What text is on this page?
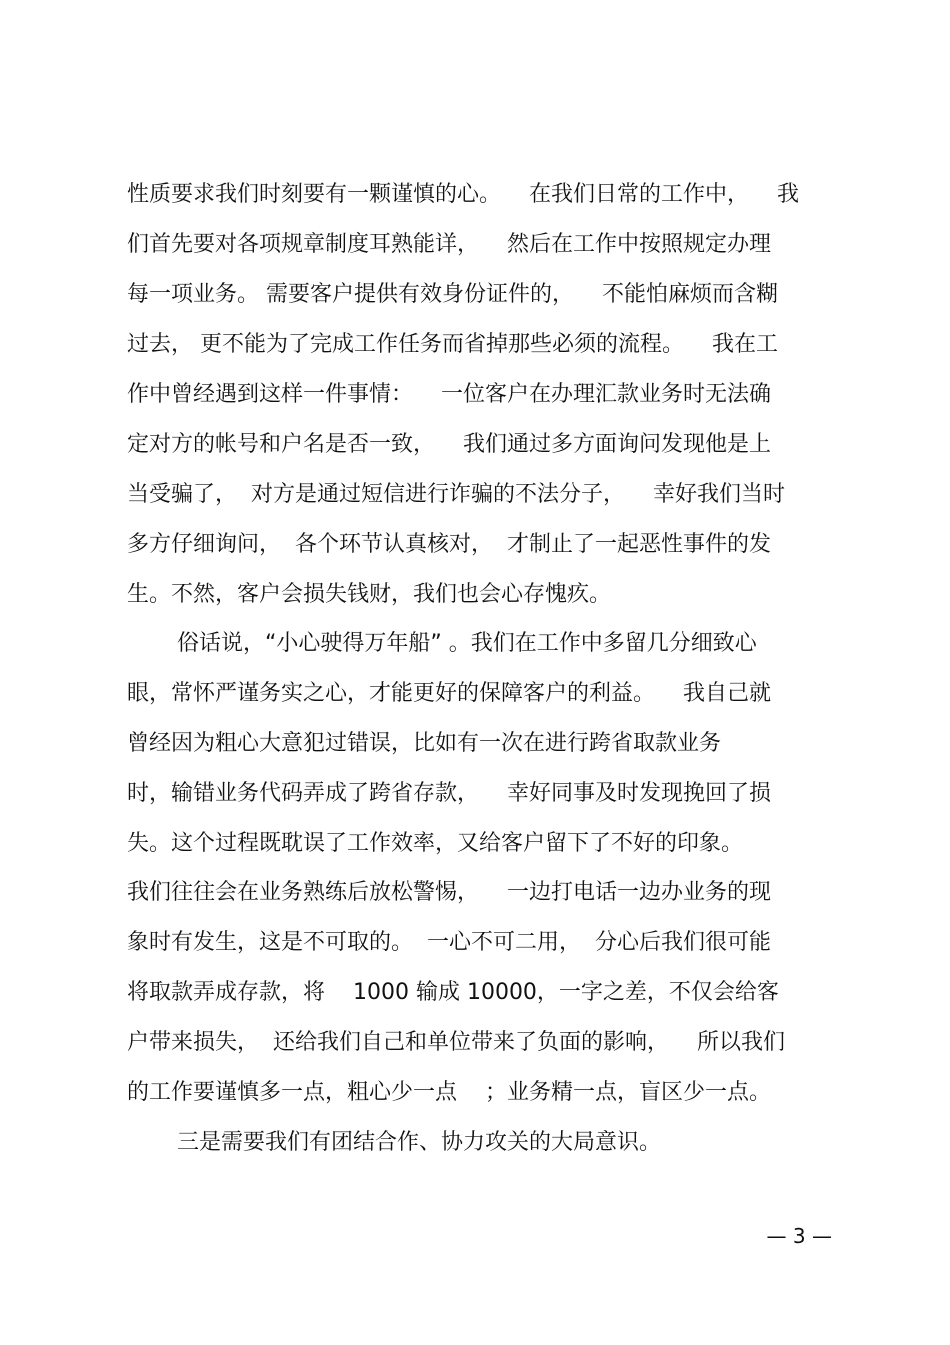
性质要求我们时刻要有一颗谨慎的心。    在我们日常的工作中，    我
们首先要对各项规章制度耳熟能详，    然后在工作中按照规定办理
每一项业务。 需要客户提供有效身份证件的，    不能怕麻烦而含糊
过去， 更不能为了完成工作任务而省掉那些必须的流程。    我在工
作中曾经遇到这样一件事情：    一位客户在办理汇款业务时无法确
定对方的帐号和户名是否一致，    我们通过多方面询问发现他是上
当受骗了，  对方是通过短信进行诈骗的不法分子，    幸好我们当时
多方仔细询问，  各个环节认真核对，  才制止了一起恶性事件的发
生。不然，客户会损失钱财，我们也会心存愧疚。
俗话说，“小心驶得万年船” 。我们在工作中多留几分细致心
眼，常怀严谨务实之心，才能更好的保障客户的利益。    我自己就
曾经因为粗心大意犯过错误，比如有一次在进行跨省取款业务
时，输错业务代码弄成了跨省存款，    幸好同事及时发现挽回了损
失。这个过程既耽误了工作效率，又给客户留下了不好的印象。
我们往往会在业务熟练后放松警惕，    一边打电话一边办业务的现
象时有发生，这是不可取的。  一心不可二用，  分心后我们很可能
将取款弄成存款，将    1000 输成 10000，一字之差，不仅会给客
户带来损失，  还给我们自己和单位带来了负面的影响，    所以我们
的工作要谨慎多一点，粗心少一点    ；业务精一点，盲区少一点。
三是需要我们有团结合作、协力攻关的大局意识。
— 3 —
